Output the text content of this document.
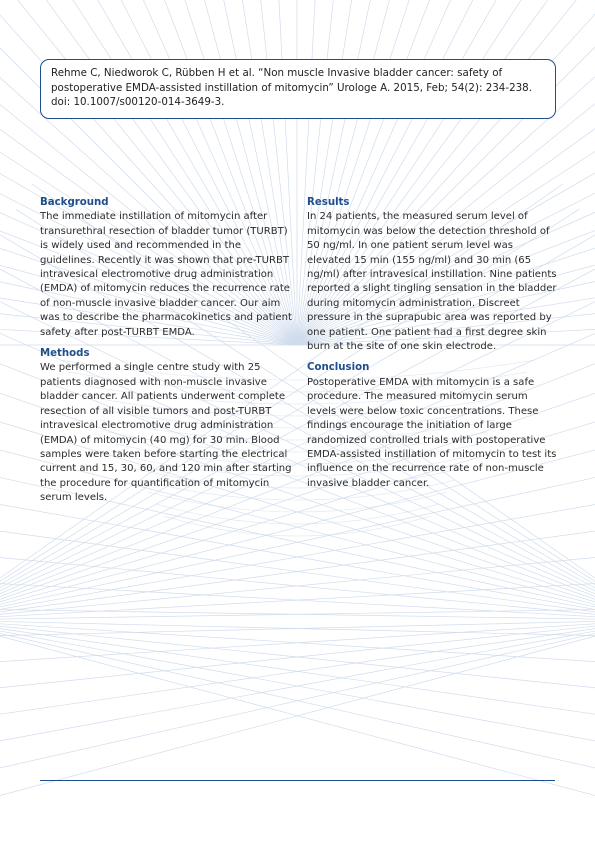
Rehme C, Niedworok C, Rübben H et al. “Non muscle Invasive bladder cancer: safety of postoperative EMDA-assisted instillation of mitomycin” Urologe A. 2015, Feb; 54(2): 234-238. doi: 10.1007/s00120-014-3649-3.
Background
The immediate instillation of mitomycin after transurethral resection of bladder tumor (TURBT) is widely used and recommended in the guidelines. Recently it was shown that pre-TURBT intravesical electromotive drug administration (EMDA) of mitomycin reduces the recurrence rate of non-muscle invasive bladder cancer. Our aim was to describe the pharmacokinetics and patient safety after post-TURBT EMDA.
Methods
We performed a single centre study with 25 patients diagnosed with non-muscle invasive bladder cancer. All patients underwent complete resection of all visible tumors and post-TURBT intravesical electromotive drug administration (EMDA) of mitomycin (40 mg) for 30 min. Blood samples were taken before starting the electrical current and 15, 30, 60, and 120 min after starting the procedure for quantification of mitomycin serum levels.
Results
In 24 patients, the measured serum level of mitomycin was below the detection threshold of 50 ng/ml. In one patient serum level was elevated 15 min (155 ng/ml) and 30 min (65 ng/ml) after intravesical instillation. Nine patients reported a slight tingling sensation in the bladder during mitomycin administration. Discreet pressure in the suprapubic area was reported by one patient. One patient had a first degree skin burn at the site of one skin electrode.
Conclusion
Postoperative EMDA with mitomycin is a safe procedure. The measured mitomycin serum levels were below toxic concentrations. These findings encourage the initiation of large randomized controlled trials with postoperative EMDA-assisted instillation of mitomycin to test its influence on the recurrence rate of non-muscle invasive bladder cancer.
